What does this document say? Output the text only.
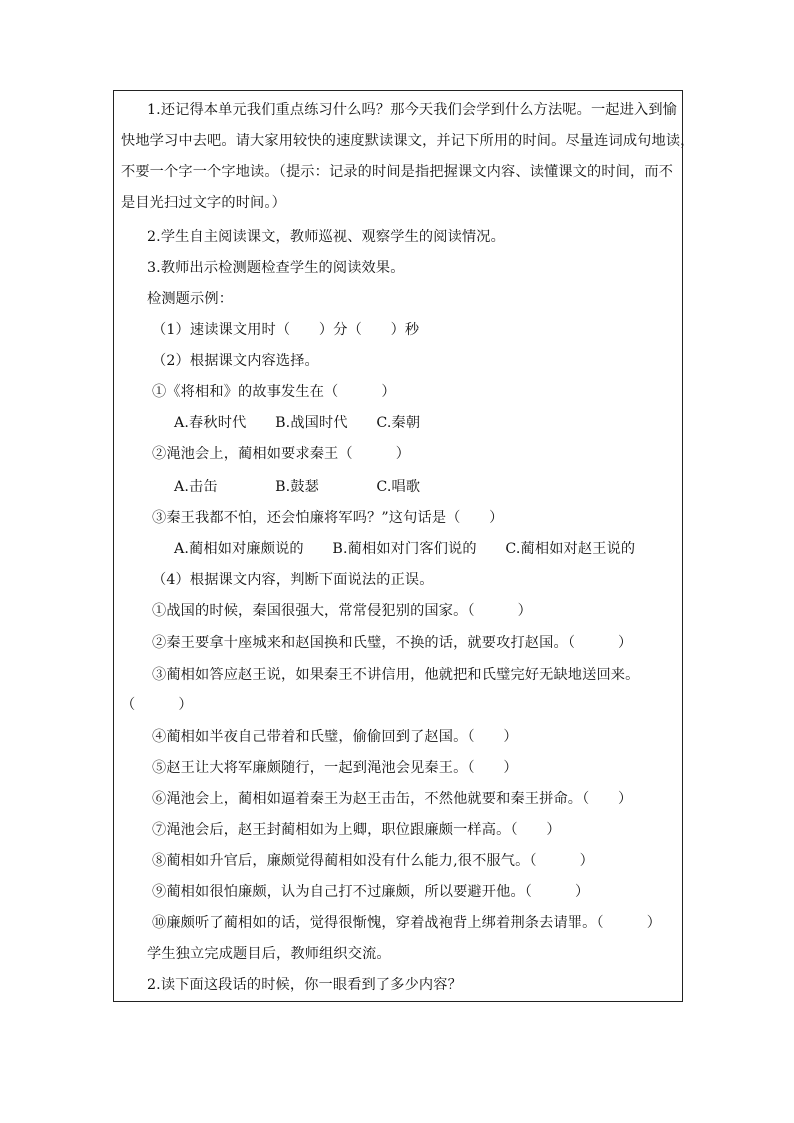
1.还记得本单元我们重点练习什么吗？那今天我们会学到什么方法呢。一起进入到愉
快地学习中去吧。请大家用较快的速度默读课文，并记下所用的时间。尽量连词成句地读，
不要一个字一个字地读。（提示：记录的时间是指把握课文内容、读懂课文的时间，而不
是目光扫过文字的时间。）
2.学生自主阅读课文，教师巡视、观察学生的阅读情况。
3.教师出示检测题检查学生的阅读效果。
检测题示例：
（1）速读课文用时（　　）分（　　）秒
（2）根据课文内容选择。
①《将相和》的故事发生在（　　　）
A.春秋时代　　B.战国时代　　C.秦朝
②渑池会上，蔺相如要求秦王（　　　）
A.击缶　　　　B.鼓瑟　　　　C.唱歌
③秦王我都不怕，还会怕廉将军吗？”这句话是（　　）
A.蔺相如对廉颇说的　　B.蔺相如对门客们说的　　C.蔺相如对赵王说的
（4）根据课文内容，判断下面说法的正误。
①战国的时候，秦国很强大，常常侵犯别的国家。（　　　）
②秦王要拿十座城来和赵国换和氏璧，不换的话，就要攻打赵国。（　　　）
③蔺相如答应赵王说，如果秦王不讲信用，他就把和氏璧完好无缺地送回来。
（　　　）
④蔺相如半夜自己带着和氏璧，偷偷回到了赵国。（　　）
⑤赵王让大将军廉颇随行，一起到渑池会见秦王。（　　）
⑥渑池会上，蔺相如逼着秦王为赵王击缶，不然他就要和秦王拼命。（　　）
⑦渑池会后，赵王封蔺相如为上卿，职位跟廉颇一样高。（　　）
⑧蔺相如升官后，廉颇觉得蔺相如没有什么能力,很不服气。（　　　）
⑨蔺相如很怕廉颇，认为自己打不过廉颇，所以要避开他。（　　　）
⑩廉颇听了蔺相如的话，觉得很惭愧，穿着战袍背上绑着荆条去请罪。（　　　）
学生独立完成题目后，教师组织交流。
2.读下面这段话的时候，你一眼看到了多少内容？
